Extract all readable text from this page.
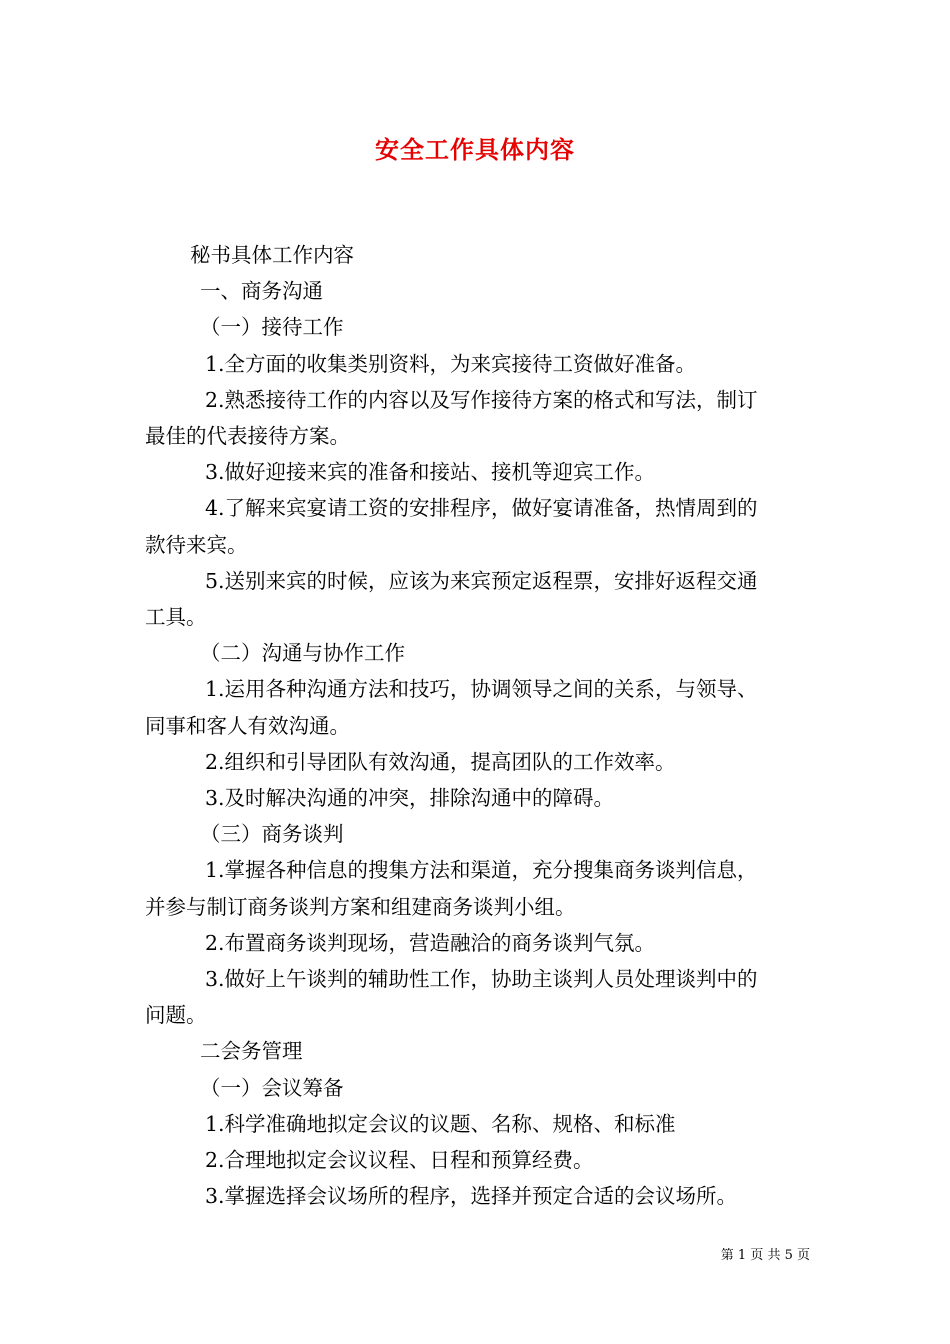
安全工作具体内容

秘书具体工作内容

一、商务沟通

（一）接待工作

1.全方面的收集类别资料，为来宾接待工资做好准备。

2.熟悉接待工作的内容以及写作接待方案的格式和写法，制订

最佳的代表接待方案。

3.做好迎接来宾的准备和接站、接机等迎宾工作。

4.了解来宾宴请工资的安排程序，做好宴请准备，热情周到的

款待来宾。

5.送别来宾的时候，应该为来宾预定返程票，安排好返程交通

工具。

（二）沟通与协作工作

1.运用各种沟通方法和技巧，协调领导之间的关系，与领导、

同事和客人有效沟通。

2.组织和引导团队有效沟通，提高团队的工作效率。

3.及时解决沟通的冲突，排除沟通中的障碍。

（三）商务谈判

1.掌握各种信息的搜集方法和渠道，充分搜集商务谈判信息，

并参与制订商务谈判方案和组建商务谈判小组。

2.布置商务谈判现场，营造融洽的商务谈判气氛。

3.做好上午谈判的辅助性工作，协助主谈判人员处理谈判中的

问题。

二会务管理

（一）会议筹备

1.科学准确地拟定会议的议题、名称、规格、和标准

2.合理地拟定会议议程、日程和预算经费。

3.掌握选择会议场所的程序，选择并预定合适的会议场所。

第 1 页 共 5 页
